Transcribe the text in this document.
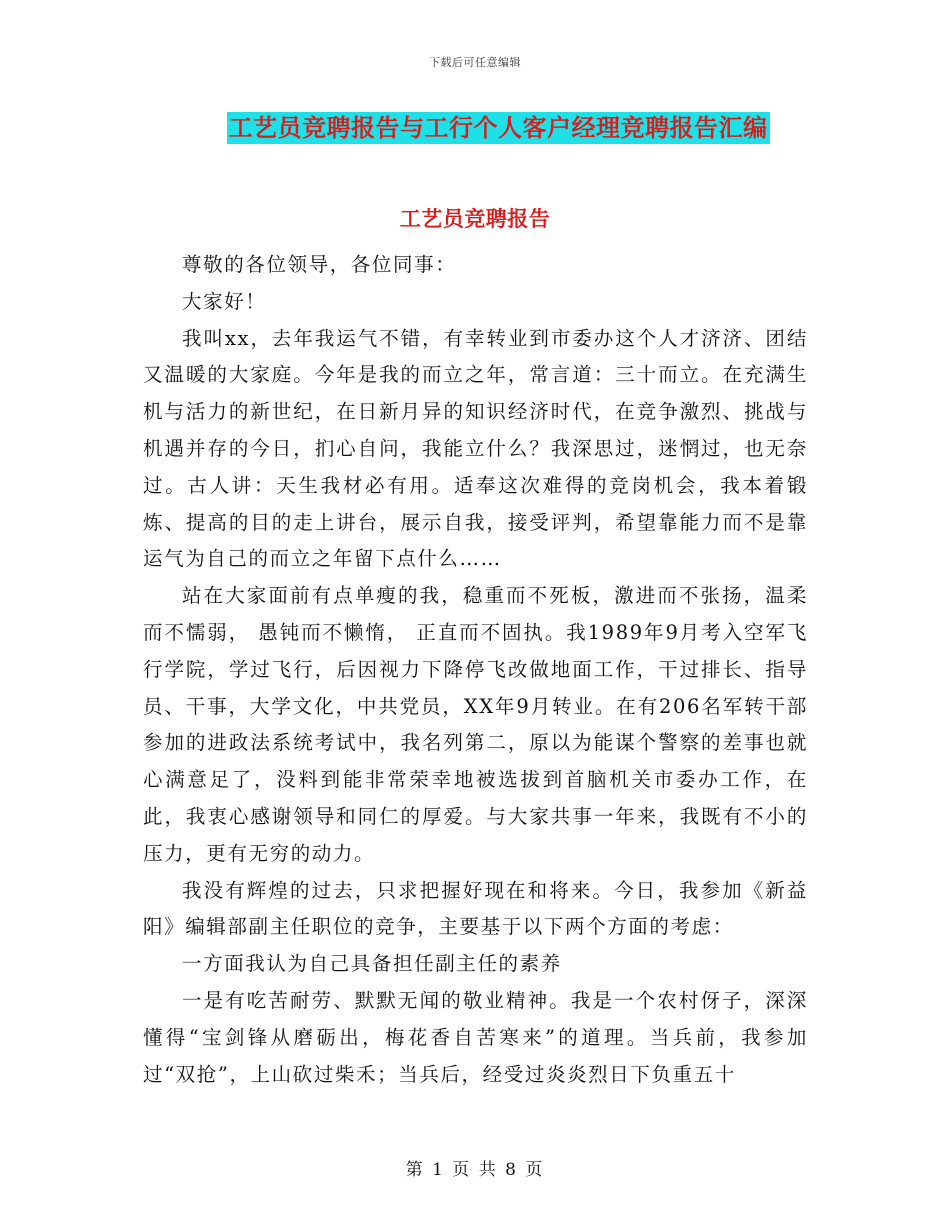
下载后可任意编辑
工艺员竞聘报告与工行个人客户经理竞聘报告汇编
工艺员竞聘报告

尊敬的各位领导，各位同事：

大家好！

我叫xx，去年我运气不错，有幸转业到市委办这个人才济济、团结又温暖的大家庭。今年是我的而立之年，常言道：三十而立。在充满生机与活力的新世纪，在日新月异的知识经济时代，在竞争激烈、挑战与机遇并存的今日，扪心自问，我能立什么？我深思过，迷惘过，也无奈过。古人讲：天生我材必有用。适奉这次难得的竞岗机会，我本着锻炼、提高的目的走上讲台，展示自我，接受评判，希望靠能力而不是靠运气为自己的而立之年留下点什么……

站在大家面前有点单瘦的我，稳重而不死板，激进而不张扬，温柔而不懦弱， 愚钝而不懒惰， 正直而不固执。我1989年9月考入空军飞行学院，学过飞行，后因视力下降停飞改做地面工作，干过排长、指导员、干事，大学文化，中共党员，XX年9月转业。在有206名军转干部参加的进政法系统考试中，我名列第二，原以为能谋个警察的差事也就心满意足了，没料到能非常荣幸地被选拔到首脑机关市委办工作，在此，我衷心感谢领导和同仁的厚爱。与大家共事一年来，我既有不小的压力，更有无穷的动力。

我没有辉煌的过去，只求把握好现在和将来。今日，我参加《新益阳》编辑部副主任职位的竞争，主要基于以下两个方面的考虑：

一方面我认为自己具备担任副主任的素养

一是有吃苦耐劳、默默无闻的敬业精神。我是一个农村伢子，深深懂得“宝剑锋从磨砺出，梅花香自苦寒来”的道理。当兵前，我参加过“双抢”，上山砍过柴禾；当兵后，经受过炎炎烈日下负重五十

第 1 页 共 8 页
